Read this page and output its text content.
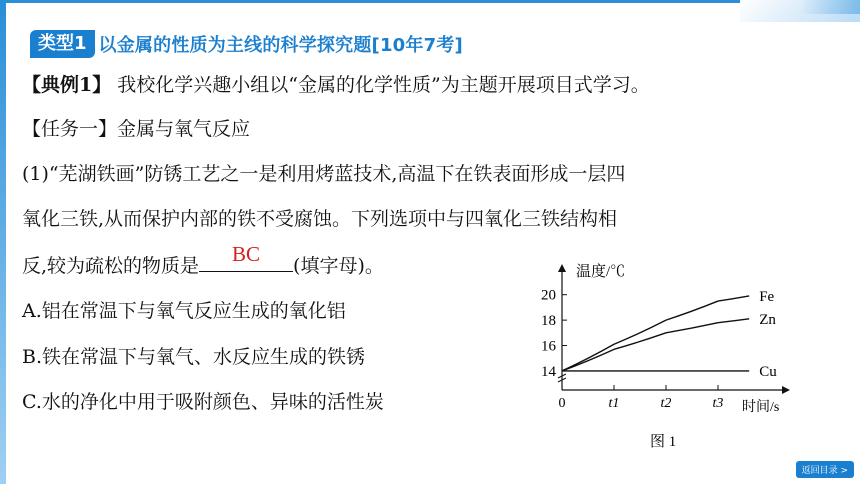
类型1 以金属的性质为主线的科学探究题[10年7考]
【典例1】 我校化学兴趣小组以“金属的化学性质”为主题开展项目式学习。
【任务一】金属与氧气反应
(1)“芜湖铁画”防锈工艺之一是利用烤蓝技术,高温下在铁表面形成一层四
氧化三铁,从而保护内部的铁不受腐蚀。下列选项中与四氧化三铁结构相
反,较为疏松的物质是	BC	(填字母)。
A.铝在常温下与氧气反应生成的氧化铝
B.铁在常温下与氧气、水反应生成的铁锈
C.水的净化中用于吸附颜色、异味的活性炭
温度/℃
时间/s
图 1
14
16
18
20
0	t1	t2	t3
Fe
Zn
Cu
返回目录 >
